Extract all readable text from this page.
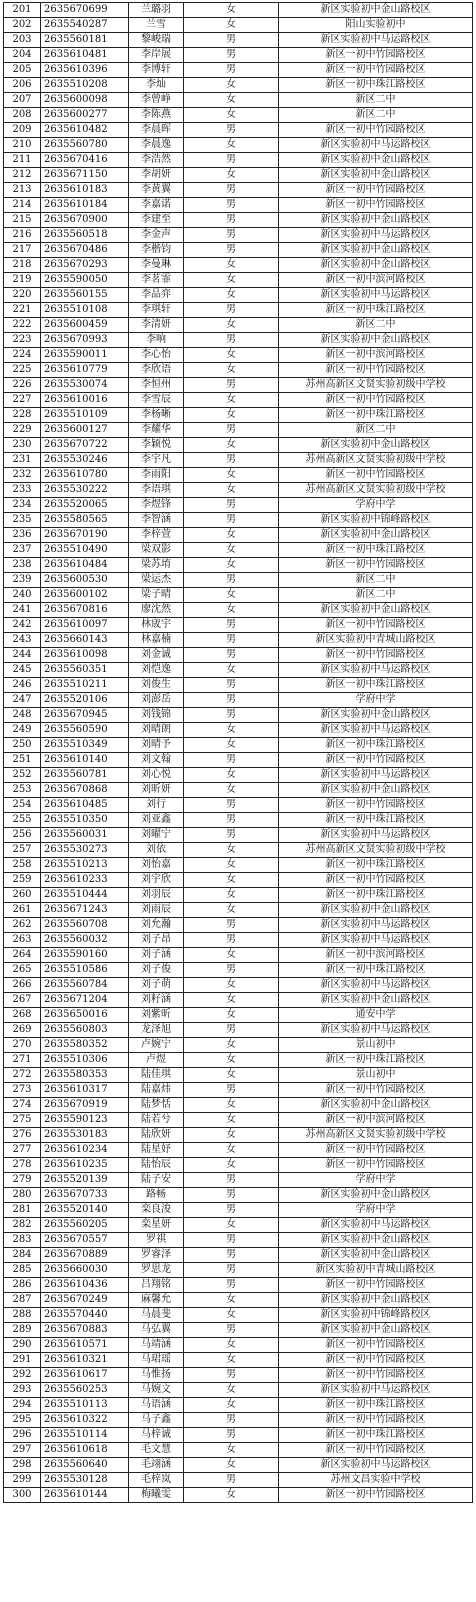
201	2635670699	兰璐羽	女	新区实验初中金山路校区
202	2635540287	兰雪	女	阳山实验初中
203	2635560181	黎峻瑞	男	新区实验初中马运路校区
204	2635610481	李岸展	男	新区一初中竹园路校区
205	2635610396	李博轩	男	新区一初中竹园路校区
206	2635510208	李灿	女	新区一初中珠江路校区
207	2635600098	李曾峥	女	新区二中
208	2635600277	李陈燕	女	新区二中
209	2635610482	李晨晖	男	新区一初中竹园路校区
210	2635560780	李晨逸	女	新区实验初中马运路校区
211	2635670416	李浩然	男	新区实验初中金山路校区
212	2635671150	李胡妍	女	新区实验初中金山路校区
213	2635610183	李黄翼	男	新区一初中竹园路校区
214	2635610184	李嘉诺	男	新区一初中竹园路校区
215	2635670900	李建至	男	新区实验初中金山路校区
216	2635560518	李金声	男	新区实验初中马运路校区
217	2635670486	李楷钧	男	新区实验初中金山路校区
218	2635670293	李曼琳	女	新区实验初中金山路校区
219	2635590050	李茗霏	女	新区一初中滨河路校区
220	2635560155	李品弈	女	新区实验初中马运路校区
221	2635510108	李琪轩	男	新区一初中珠江路校区
222	2635600459	李清妍	女	新区二中
223	2635670993	李响	男	新区实验初中金山路校区
224	2635590011	李心怡	女	新区一初中滨河路校区
225	2635610779	李欣语	女	新区一初中竹园路校区
226	2635530074	李恒州	男	苏州高新区文贤实验初级中学校
227	2635610016	李雪辰	女	新区一初中竹园路校区
228	2635510109	李杨晰	女	新区一初中珠江路校区
229	2635600127	李耀华	男	新区二中
230	2635670722	李颖悦	女	新区实验初中金山路校区
231	2635530246	李宇凡	男	苏州高新区文贤实验初级中学校
232	2635610780	李雨阳	女	新区一初中竹园路校区
233	2635530222	李语琪	女	苏州高新区文贤实验初级中学校
234	2635520065	李煜锋	男	学府中学
235	2635580565	李智涵	男	新区实验初中锦峰路校区
236	2635670190	李梓萱	女	新区实验初中金山路校区
237	2635510490	梁双影	女	新区一初中珠江路校区
238	2635610484	梁苏堉	女	新区一初中竹园路校区
239	2635600530	梁运杰	男	新区二中
240	2635600102	梁子晴	女	新区二中
241	2635670816	廖沈然	女	新区实验初中金山路校区
242	2635610097	林宬宇	男	新区一初中竹园路校区
243	2635660143	林嘉楠	男	新区实验初中青城山路校区
244	2635610098	刘金诚	男	新区一初中竹园路校区
245	2635560351	刘恺逸	女	新区实验初中马运路校区
246	2635510211	刘俊生	男	新区一初中珠江路校区
247	2635520106	刘澎岳	男	学府中学
248	2635670945	刘钱锦	男	新区实验初中金山路校区
249	2635560590	刘晴朗	女	新区实验初中马运路校区
250	2635510349	刘晴予	女	新区一初中珠江路校区
251	2635610140	刘文翰	男	新区一初中竹园路校区
252	2635560781	刘心悦	女	新区实验初中马运路校区
253	2635670868	刘昕妍	女	新区实验初中金山路校区
254	2635610485	刘行	男	新区一初中竹园路校区
255	2635510350	刘亚鑫	男	新区一初中珠江路校区
256	2635560031	刘曜宁	男	新区实验初中马运路校区
257	2635530273	刘依	女	苏州高新区文贤实验初级中学校
258	2635510213	刘怡嘉	女	新区一初中珠江路校区
259	2635610233	刘宇欣	女	新区一初中竹园路校区
260	2635510444	刘羽辰	女	新区一初中珠江路校区
261	2635671243	刘雨辰	女	新区实验初中金山路校区
262	2635560708	刘允瀚	男	新区实验初中马运路校区
263	2635560032	刘子昂	男	新区实验初中马运路校区
264	2635590160	刘子涵	女	新区一初中滨河路校区
265	2635510586	刘子俊	男	新区一初中珠江路校区
266	2635560784	刘子萌	女	新区实验初中马运路校区
267	2635671204	刘籽涵	女	新区实验初中金山路校区
268	2635650016	刘紫昕	女	通安中学
269	2635560803	龙泽旭	男	新区实验初中马运路校区
270	2635580352	卢婉宁	女	景山初中
271	2635510306	卢煜	女	新区一初中珠江路校区
272	2635580353	陆佳琪	女	景山初中
273	2635610317	陆嘉炜	男	新区一初中竹园路校区
274	2635670919	陆梦恬	女	新区实验初中金山路校区
275	2635590123	陆若兮	女	新区一初中滨河路校区
276	2635530183	陆欣妍	女	苏州高新区文贤实验初级中学校
277	2635610234	陆星妤	女	新区一初中竹园路校区
278	2635610235	陆怡辰	女	新区一初中竹园路校区
279	2635520139	陆子安	男	学府中学
280	2635670733	路畅	男	新区实验初中金山路校区
281	2635520140	栾良浚	男	学府中学
282	2635560205	栾星妍	女	新区实验初中马运路校区
283	2635670557	罗祺	男	新区实验初中金山路校区
284	2635670889	罗睿泽	男	新区实验初中金山路校区
285	2635660030	罗思龙	男	新区实验初中青城山路校区
286	2635610436	吕翔铭	男	新区一初中竹园路校区
287	2635670249	麻馨允	女	新区实验初中金山路校区
288	2635570440	马晨斐	女	新区实验初中锦峰路校区
289	2635670883	马弘翼	男	新区实验初中金山路校区
290	2635610571	马靖涵	女	新区一初中竹园路校区
291	2635610321	马珺瑶	女	新区一初中竹园路校区
292	2635610617	马惟扬	男	新区一初中竹园路校区
293	2635560253	马婉文	女	新区实验初中马运路校区
294	2635510113	马语涵	女	新区一初中珠江路校区
295	2635610322	马子鑫	男	新区一初中竹园路校区
296	2635510114	马梓诚	男	新区一初中珠江路校区
297	2635610618	毛文慧	女	新区一初中竹园路校区
298	2635560640	毛翊涵	女	新区实验初中马运路校区
299	2635530128	毛梓岚	男	苏州文昌实验中学校
300	2635610144	梅曦雯	女	新区一初中竹园路校区
